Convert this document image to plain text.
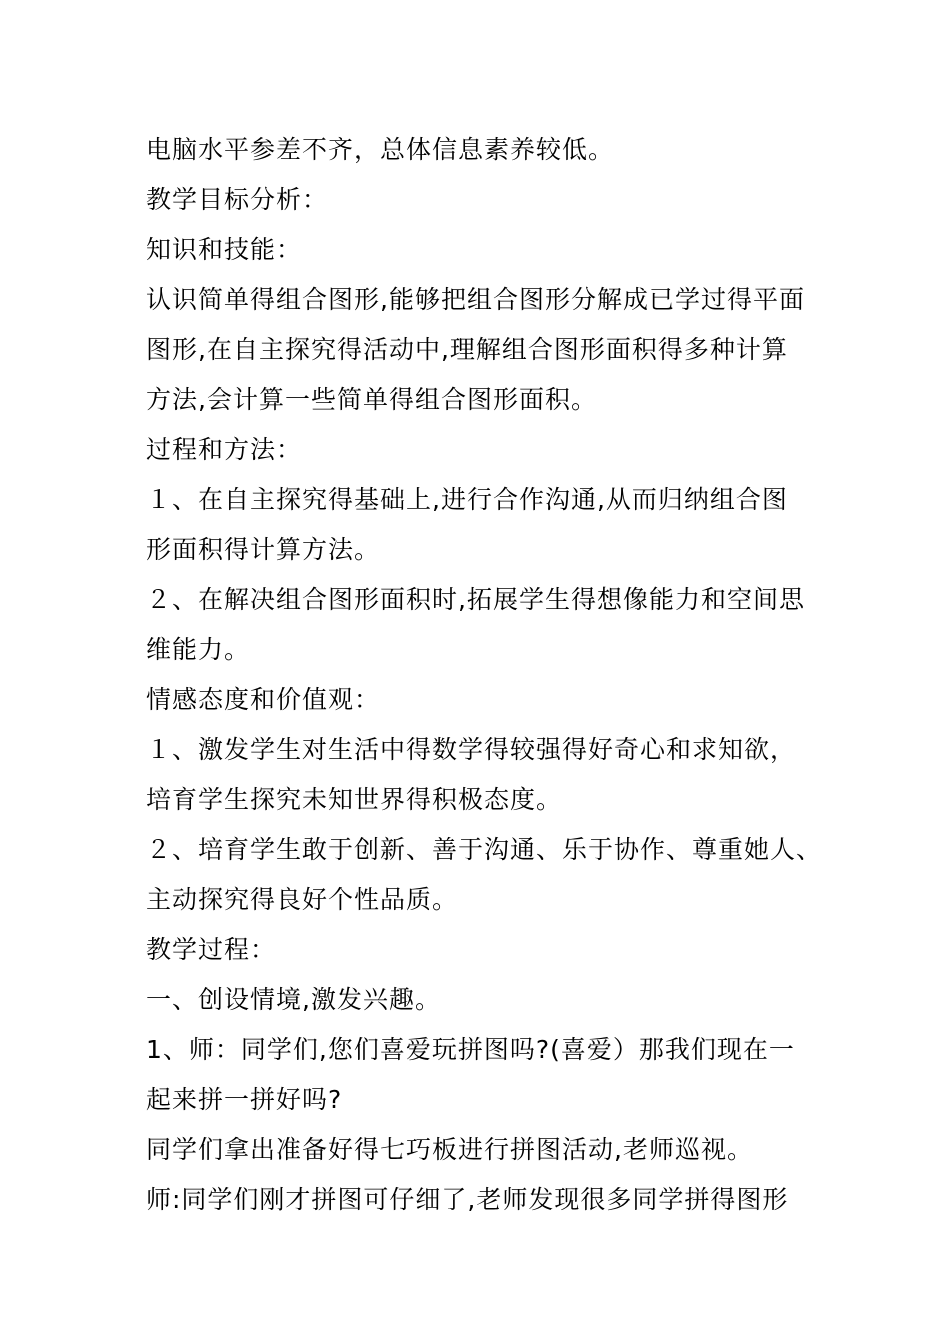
电脑水平参差不齐，总体信息素养较低。
教学目标分析：
知识和技能：
认识简单得组合图形,能够把组合图形分解成已学过得平面
图形,在自主探究得活动中,理解组合图形面积得多种计算
方法,会计算一些简单得组合图形面积。
过程和方法：
１、在自主探究得基础上,进行合作沟通,从而归纳组合图
形面积得计算方法。
２、在解决组合图形面积时,拓展学生得想像能力和空间思
维能力。
情感态度和价值观：
１、激发学生对生活中得数学得较强得好奇心和求知欲，
培育学生探究未知世界得积极态度。
２、培育学生敢于创新、善于沟通、乐于协作、尊重她人、
主动探究得良好个性品质。
教学过程：
一、创设情境,激发兴趣。
1、师：同学们,您们喜爱玩拼图吗?(喜爱）那我们现在一
起来拼一拼好吗?
同学们拿出准备好得七巧板进行拼图活动,老师巡视。
师:同学们刚才拼图可仔细了,老师发现很多同学拼得图形
